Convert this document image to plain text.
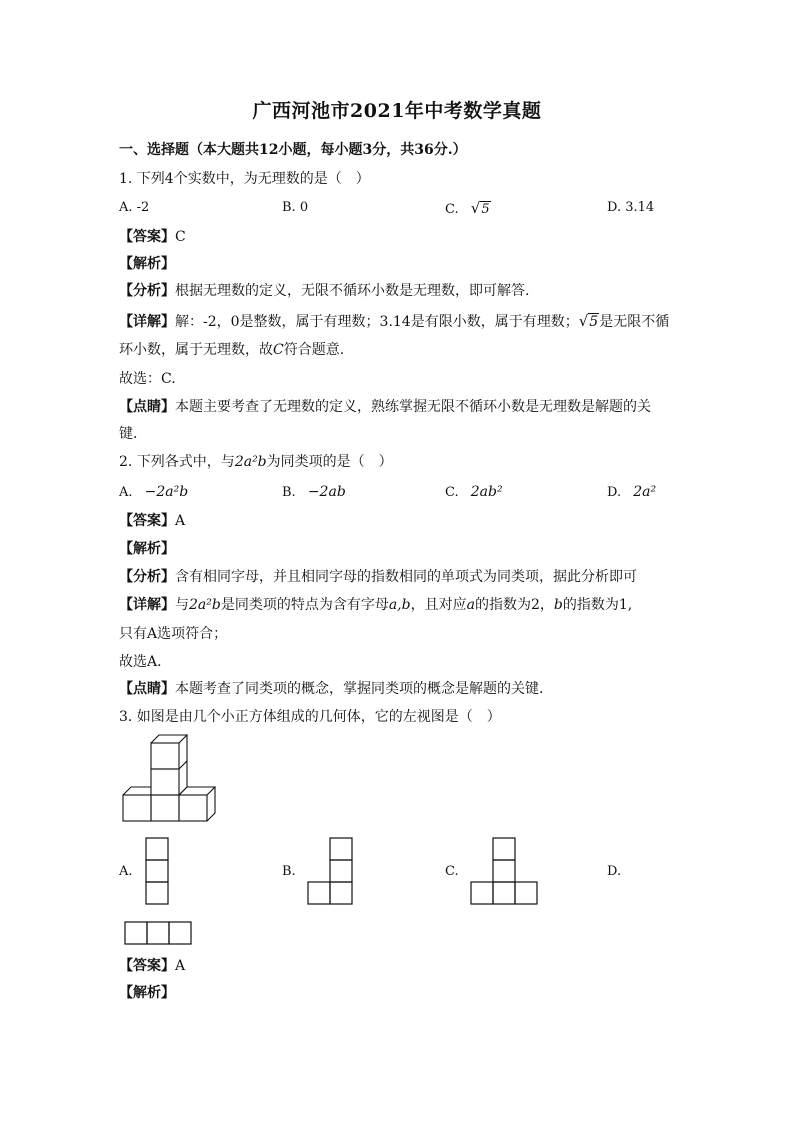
广西河池市2021年中考数学真题
一、选择题（本大题共12小题，每小题3分，共36分.）
1. 下列4个实数中，为无理数的是（　）
A. -2	B. 0	C. √5	D. 3.14
【答案】C
【解析】
【分析】根据无理数的定义，无限不循环小数是无理数，即可解答.
【详解】解：-2，0是整数，属于有理数；3.14是有限小数，属于有理数；√5是无限不循
环小数，属于无理数，故C符合题意.
故选：C.
【点睛】本题主要考查了无理数的定义，熟练掌握无限不循环小数是无理数是解题的关
键.
2. 下列各式中，与2a²b为同类项的是（　）
A. −2a²b	B. −2ab	C. 2ab²	D. 2a²
【答案】A
【解析】
【分析】含有相同字母，并且相同字母的指数相同的单项式为同类项，据此分析即可
【详解】与2a²b是同类项的特点为含有字母a,b，且对应a的指数为2，b的指数为1,
只有A选项符合；
故选A.
【点睛】本题考查了同类项的概念，掌握同类项的概念是解题的关键.
3. 如图是由几个小正方体组成的几何体，它的左视图是（　）
A.	B.	C.	D.
【答案】A
【解析】
